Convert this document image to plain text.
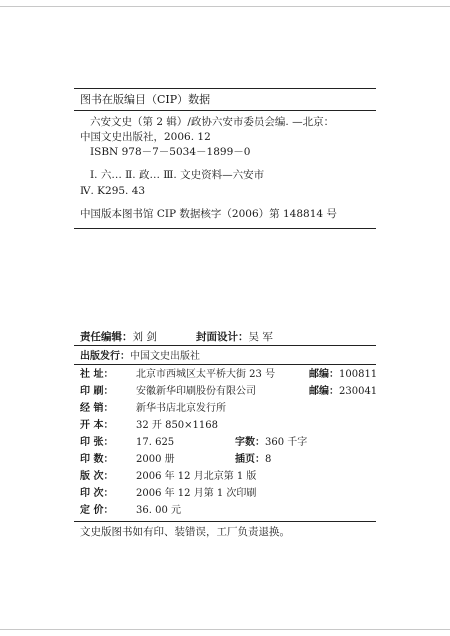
图书在版编目（CIP）数据
六安文史（第 2 辑）/政协六安市委员会编. —北京：
中国文史出版社，2006. 12
ISBN 978－7－5034－1899－0
Ⅰ. 六… Ⅱ. 政… Ⅲ. 文史资料—六安市
Ⅳ. K295. 43
中国版本图书馆 CIP 数据核字（2006）第 148814 号
责任编辑：刘 剑	封面设计：吴 军
出版发行：中国文史出版社
社 址： 北京市西城区太平桥大街 23 号	邮编：100811
印 刷： 安徽新华印刷股份有限公司	邮编：230041
经 销： 新华书店北京发行所
开 本： 32 开 850×1168
印 张： 17. 625	字数：360 千字
印 数： 2000 册	插页：8
版 次： 2006 年 12 月北京第 1 版
印 次： 2006 年 12 月第 1 次印刷
定 价： 36. 00 元
文史版图书如有印、装错误，工厂负责退换。
